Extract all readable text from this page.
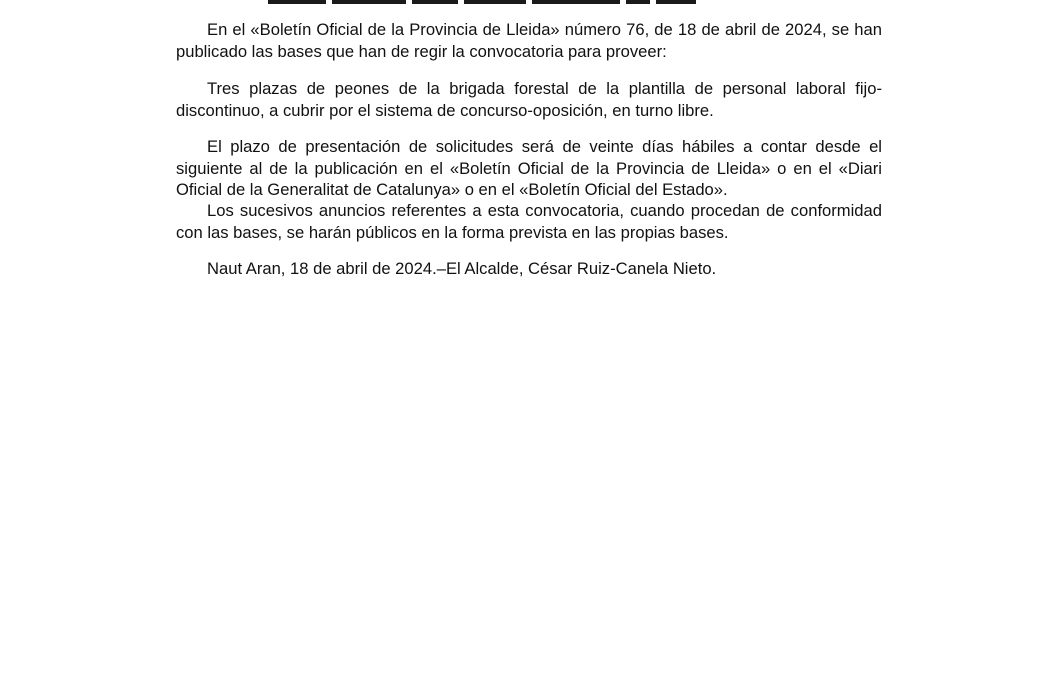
En el «Boletín Oficial de la Provincia de Lleida» número 76, de 18 de abril de 2024, se han publicado las bases que han de regir la convocatoria para proveer:

Tres plazas de peones de la brigada forestal de la plantilla de personal laboral fijo-discontinuo, a cubrir por el sistema de concurso-oposición, en turno libre.

El plazo de presentación de solicitudes será de veinte días hábiles a contar desde el siguiente al de la publicación en el «Boletín Oficial de la Provincia de Lleida» o en el «Diari Oficial de la Generalitat de Catalunya» o en el «Boletín Oficial del Estado».

Los sucesivos anuncios referentes a esta convocatoria, cuando procedan de conformidad con las bases, se harán públicos en la forma prevista en las propias bases.

Naut Aran, 18 de abril de 2024.–El Alcalde, César Ruiz-Canela Nieto.
